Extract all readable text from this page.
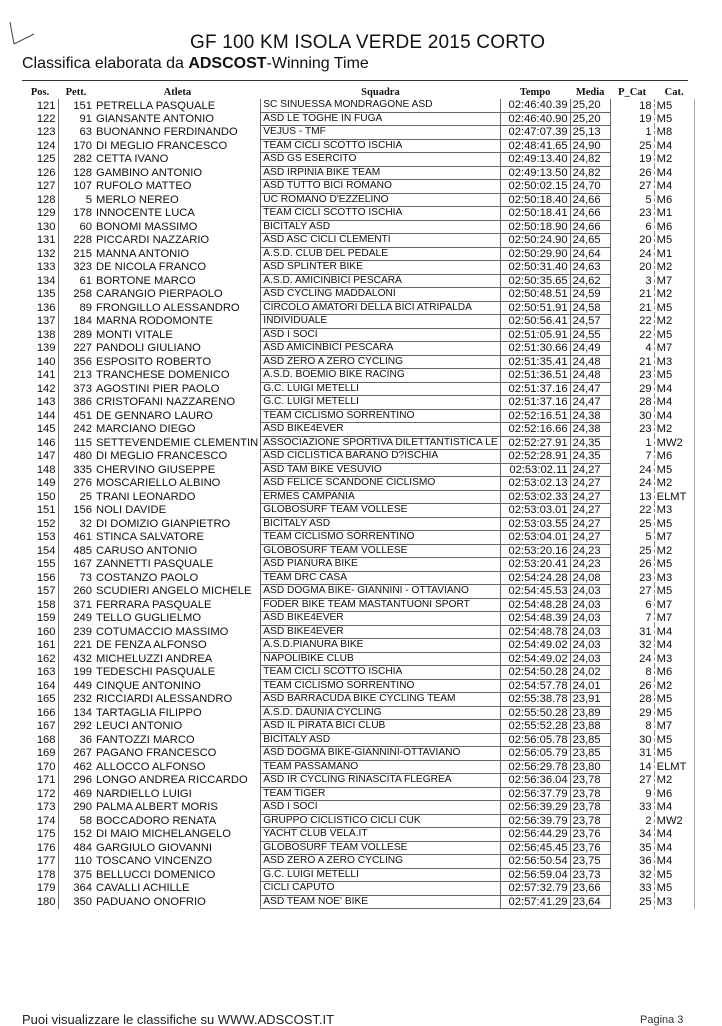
GF 100 KM ISOLA VERDE 2015 CORTO
Classifica elaborata da ADSCOST-Winning Time
Pos.	Pett.	Atleta	Squadra	Tempo	Media	P_Cat	Cat.
121	151	PETRELLA PASQUALE	SC SINUESSA MONDRAGONE ASD	02:46:40.39	25,20	18	M5
122	91	GIANSANTE ANTONIO	ASD LE TOGHE IN FUGA	02:46:40.90	25,20	19	M5
123	63	BUONANNO FERDINANDO	VEJUS - TMF	02:47:07.39	25,13	1	M8
124	170	DI MEGLIO FRANCESCO	TEAM CICLI SCOTTO ISCHIA	02:48:41.65	24,90	25	M4
125	282	CETTA IVANO	ASD GS ESERCITO	02:49:13.40	24,82	19	M2
126	128	GAMBINO ANTONIO	ASD IRPINIA BIKE TEAM	02:49:13.50	24,82	26	M4
127	107	RUFOLO MATTEO	ASD TUTTO BICI ROMANO	02:50:02.15	24,70	27	M4
128	5	MERLO NEREO	UC ROMANO D'EZZELINO	02:50:18.40	24,66	5	M6
129	178	INNOCENTE LUCA	TEAM CICLI SCOTTO ISCHIA	02:50:18.41	24,66	23	M1
130	60	BONOMI MASSIMO	BICITALY ASD	02:50:18.90	24,66	6	M6
131	228	PICCARDI NAZZARIO	ASD ASC CICLI CLEMENTI	02:50:24.90	24,65	20	M5
132	215	MANNA ANTONIO	A.S.D. CLUB DEL PEDALE	02:50:29.90	24,64	24	M1
133	323	DE NICOLA FRANCO	ASD SPLINTER BIKE	02:50:31.40	24,63	20	M2
134	61	BORTONE MARCO	A.S.D. AMICINBICI PESCARA	02:50:35.65	24,62	3	M7
135	258	CARANGIO PIERPAOLO	ASD CYCLING MADDALONI	02:50:48.51	24,59	21	M2
136	89	FRONGILLO ALESSANDRO	CIRCOLO AMATORI DELLA BICI ATRIPALDA	02:50:51.91	24,58	21	M5
137	184	MARNA RODOMONTE	INDIVIDUALE	02:50:56.41	24,57	22	M2
138	289	MONTI VITALE	ASD I SOCI	02:51:05.91	24,55	22	M5
139	227	PANDOLI GIULIANO	ASD AMICINBICI PESCARA	02:51:30.66	24,49	4	M7
140	356	ESPOSITO ROBERTO	ASD ZERO A ZERO CYCLING	02:51:35.41	24,48	21	M3
141	213	TRANCHESE DOMENICO	A.S.D. BOEMIO BIKE RACING	02:51:36.51	24,48	23	M5
142	373	AGOSTINI PIER PAOLO	G.C. LUIGI METELLI	02:51:37.16	24,47	29	M4
143	386	CRISTOFANI NAZZARENO	G.C. LUIGI METELLI	02:51:37.16	24,47	28	M4
144	451	DE GENNARO LAURO	TEAM CICLISMO SORRENTINO	02:52:16.51	24,38	30	M4
145	242	MARCIANO DIEGO	ASD BIKE4EVER	02:52:16.66	24,38	23	M2
146	115	SETTEVENDEMIE CLEMENTIN	ASSOCIAZIONE SPORTIVA DILETTANTISTICA LE	02:52:27.91	24,35	1	MW2
147	480	DI MEGLIO FRANCESCO	ASD CICLISTICA BARANO D?ISCHIA	02:52:28.91	24,35	7	M6
148	335	CHERVINO GIUSEPPE	ASD TAM BIKE VESUVIO	02:53:02.11	24,27	24	M5
149	276	MOSCARIELLO ALBINO	ASD FELICE SCANDONE CICLISMO	02:53:02.13	24,27	24	M2
150	25	TRANI LEONARDO	ERMES CAMPANIA	02:53:02.33	24,27	13	ELMT
151	156	NOLI DAVIDE	GLOBOSURF TEAM VOLLESE	02:53:03.01	24,27	22	M3
152	32	DI DOMIZIO GIANPIETRO	BICITALY ASD	02:53:03.55	24,27	25	M5
153	461	STINCA SALVATORE	TEAM CICLISMO SORRENTINO	02:53:04.01	24,27	5	M7
154	485	CARUSO ANTONIO	GLOBOSURF TEAM VOLLESE	02:53:20.16	24,23	25	M2
155	167	ZANNETTI PASQUALE	ASD PIANURA BIKE	02:53:20.41	24,23	26	M5
156	73	COSTANZO PAOLO	TEAM DRC CASA	02:54:24.28	24,08	23	M3
157	260	SCUDIERI ANGELO MICHELE	ASD DOGMA BIKE- GIANNINI - OTTAVIANO	02:54:45.53	24,03	27	M5
158	371	FERRARA PASQUALE	FODER BIKE TEAM MASTANTUONI SPORT	02:54:48.28	24,03	6	M7
159	249	TELLO GUGLIELMO	ASD BIKE4EVER	02:54:48.39	24,03	7	M7
160	239	COTUMACCIO MASSIMO	ASD BIKE4EVER	02:54:48.78	24,03	31	M4
161	221	DE FENZA ALFONSO	A.S.D.PIANURA BIKE	02:54:49.02	24,03	32	M4
162	432	MICHELUZZI ANDREA	NAPOLIBIKE CLUB	02:54:49.02	24,03	24	M3
163	199	TEDESCHI PASQUALE	TEAM CICLI SCOTTO ISCHIA	02:54:50.28	24,02	8	M6
164	449	CINQUE ANTONINO	TEAM CICLISMO SORRENTINO	02:54:57.78	24,01	26	M2
165	232	RICCIARDI ALESSANDRO	ASD BARRACUDA BIKE CYCLING TEAM	02:55:38.78	23,91	28	M5
166	134	TARTAGLIA FILIPPO	A.S.D. DAUNIA CYCLING	02:55:50.28	23,89	29	M5
167	292	LEUCI ANTONIO	ASD IL PIRATA BICI CLUB	02:55:52.28	23,88	8	M7
168	36	FANTOZZI MARCO	BICITALY ASD	02:56:05.78	23,85	30	M5
169	267	PAGANO FRANCESCO	ASD DOGMA BIKE-GIANNINI-OTTAVIANO	02:56:05.79	23,85	31	M5
170	462	ALLOCCO ALFONSO	TEAM PASSAMANO	02:56:29.78	23,80	14	ELMT
171	296	LONGO ANDREA RICCARDO	ASD IR CYCLING RINASCITA FLEGREA	02:56:36.04	23,78	27	M2
172	469	NARDIELLO LUIGI	TEAM TIGER	02:56:37.79	23,78	9	M6
173	290	PALMA ALBERT MORIS	ASD I SOCI	02:56:39.29	23,78	33	M4
174	58	BOCCADORO RENATA	GRUPPO CICLISTICO CICLI CUK	02:56:39.79	23,78	2	MW2
175	152	DI MAIO MICHELANGELO	YACHT CLUB VELA.IT	02:56:44.29	23,76	34	M4
176	484	GARGIULO GIOVANNI	GLOBOSURF TEAM VOLLESE	02:56:45.45	23,76	35	M4
177	110	TOSCANO VINCENZO	ASD ZERO A ZERO CYCLING	02:56:50.54	23,75	36	M4
178	375	BELLUCCI DOMENICO	G.C. LUIGI METELLI	02:56:59.04	23,73	32	M5
179	364	CAVALLI ACHILLE	CICLI CAPUTO	02:57:32.79	23,66	33	M5
180	350	PADUANO ONOFRIO	ASD TEAM NOE' BIKE	02:57:41.29	23,64	25	M3
Puoi visualizzare le classifiche su WWW.ADSCOST.IT	Pagina 3
